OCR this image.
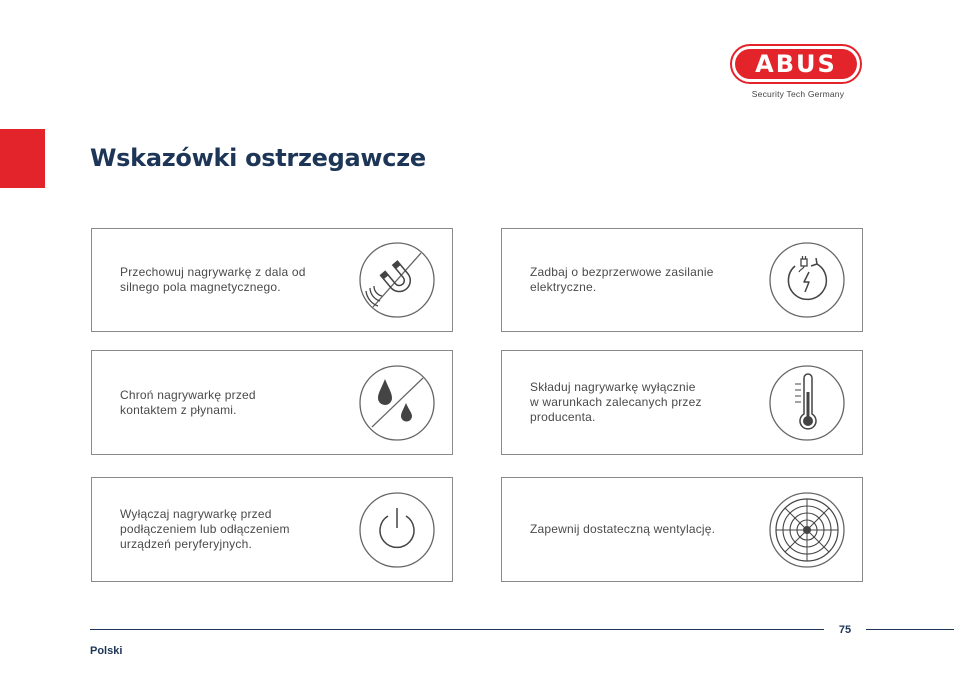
ABUS
Security Tech Germany
Wskazówki ostrzegawcze
Przechowuj nagrywarkę z dala od
silnego pola magnetycznego.
Zadbaj o bezprzerwowe zasilanie
elektryczne.
Chroń nagrywarkę przed
kontaktem z płynami.
Składuj nagrywarkę wyłącznie
w warunkach zalecanych przez
producenta.
Wyłączaj nagrywarkę przed
podłączeniem lub odłączeniem
urządzeń peryferyjnych.
Zapewnij dostateczną wentylację.
75
Polski
